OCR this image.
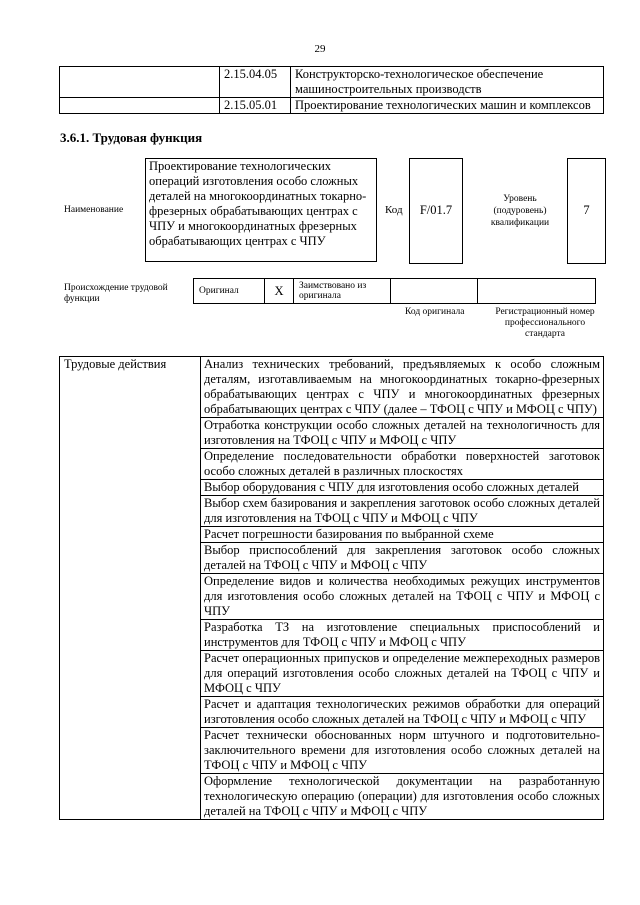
29
	2.15.04.05	Конструкторско-технологическое обеспечение машиностроительных производств
	2.15.05.01	Проектирование технологических машин и комплексов
3.6.1. Трудовая функция
Наименование
Проектирование технологических операций изготовления особо сложных деталей на многокоординатных токарно-фрезерных обрабатывающих центрах с ЧПУ и многокоординатных фрезерных обрабатывающих центрах с ЧПУ
Код	F/01.7
Уровень (подуровень) квалификации
7
Происхождение трудовой функции
Оригинал	X	Заимствовано из оригинала		
Код оригинала	Регистрационный номер профессионального стандарта
Трудовые действия	Анализ технических требований, предъявляемых к особо сложным деталям, изготавливаемым на многокоординатных токарно-фрезерных обрабатывающих центрах с ЧПУ и многокоординатных фрезерных обрабатывающих центрах с ЧПУ (далее – ТФОЦ с ЧПУ и МФОЦ с ЧПУ)
Отработка конструкции особо сложных деталей на технологичность для изготовления на ТФОЦ с ЧПУ и МФОЦ с ЧПУ
Определение последовательности обработки поверхностей заготовок особо сложных деталей в различных плоскостях
Выбор оборудования с ЧПУ для изготовления особо сложных деталей
Выбор схем базирования и закрепления заготовок особо сложных деталей для изготовления на ТФОЦ с ЧПУ и МФОЦ с ЧПУ
Расчет погрешности базирования по выбранной схеме
Выбор приспособлений для закрепления заготовок особо сложных деталей на ТФОЦ с ЧПУ и МФОЦ с ЧПУ
Определение видов и количества необходимых режущих инструментов для изготовления особо сложных деталей на ТФОЦ с ЧПУ и МФОЦ с ЧПУ
Разработка ТЗ на изготовление специальных приспособлений и инструментов для ТФОЦ с ЧПУ и МФОЦ с ЧПУ
Расчет операционных припусков и определение межпереходных размеров для операций изготовления особо сложных деталей на ТФОЦ с ЧПУ и МФОЦ с ЧПУ
Расчет и адаптация технологических режимов обработки для операций изготовления особо сложных деталей на ТФОЦ с ЧПУ и МФОЦ с ЧПУ
Расчет технически обоснованных норм штучного и подготовительно-заключительного времени для изготовления особо сложных деталей на ТФОЦ с ЧПУ и МФОЦ с ЧПУ
Оформление технологической документации на разработанную технологическую операцию (операции) для изготовления особо сложных деталей на ТФОЦ с ЧПУ и МФОЦ с ЧПУ
